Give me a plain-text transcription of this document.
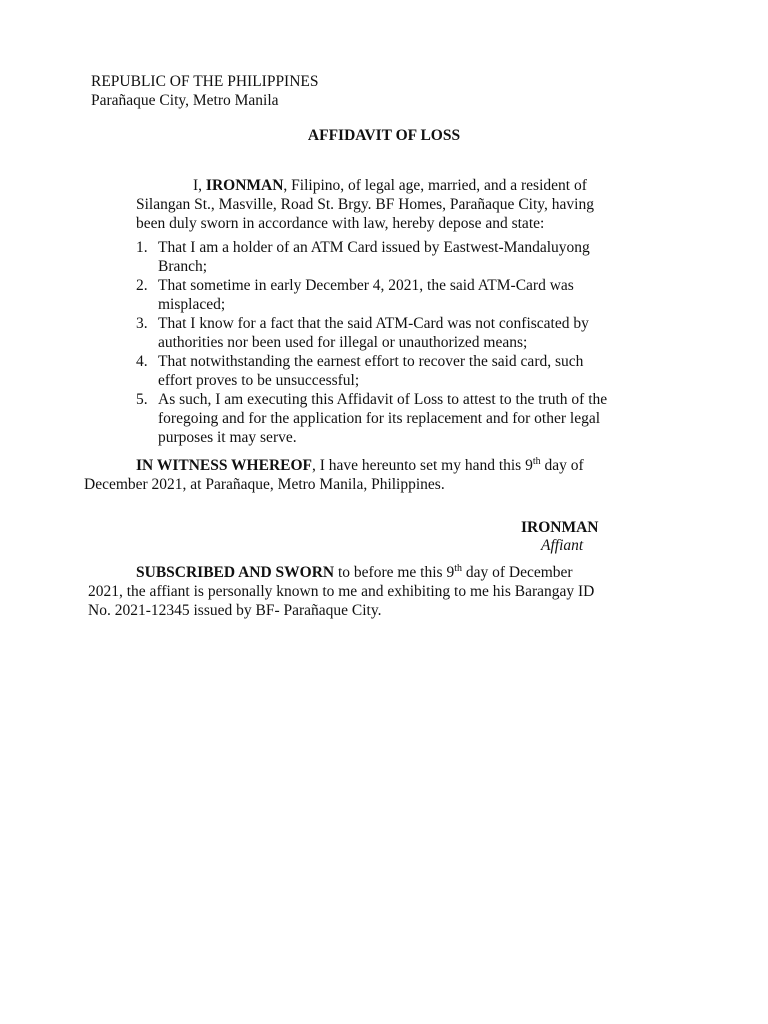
REPUBLIC OF THE PHILIPPINES
Parañaque City, Metro Manila
AFFIDAVIT OF LOSS
I, IRONMAN, Filipino, of legal age, married, and a resident of
Silangan St., Masville, Road St. Brgy. BF Homes, Parañaque City, having
been duly sworn in accordance with law, hereby depose and state:
1. That I am a holder of an ATM Card issued by Eastwest-Mandaluyong
Branch;
2. That sometime in early December 4, 2021, the said ATM-Card was
misplaced;
3. That I know for a fact that the said ATM-Card was not confiscated by
authorities nor been used for illegal or unauthorized means;
4. That notwithstanding the earnest effort to recover the said card, such
effort proves to be unsuccessful;
5. As such, I am executing this Affidavit of Loss to attest to the truth of the
foregoing and for the application for its replacement and for other legal
purposes it may serve.
IN WITNESS WHEREOF, I have hereunto set my hand this 9th day of
December 2021, at Parañaque, Metro Manila, Philippines.
IRONMAN
Affiant
SUBSCRIBED AND SWORN to before me this 9th day of December
2021, the affiant is personally known to me and exhibiting to me his Barangay ID
No. 2021-12345 issued by BF- Parañaque City.
